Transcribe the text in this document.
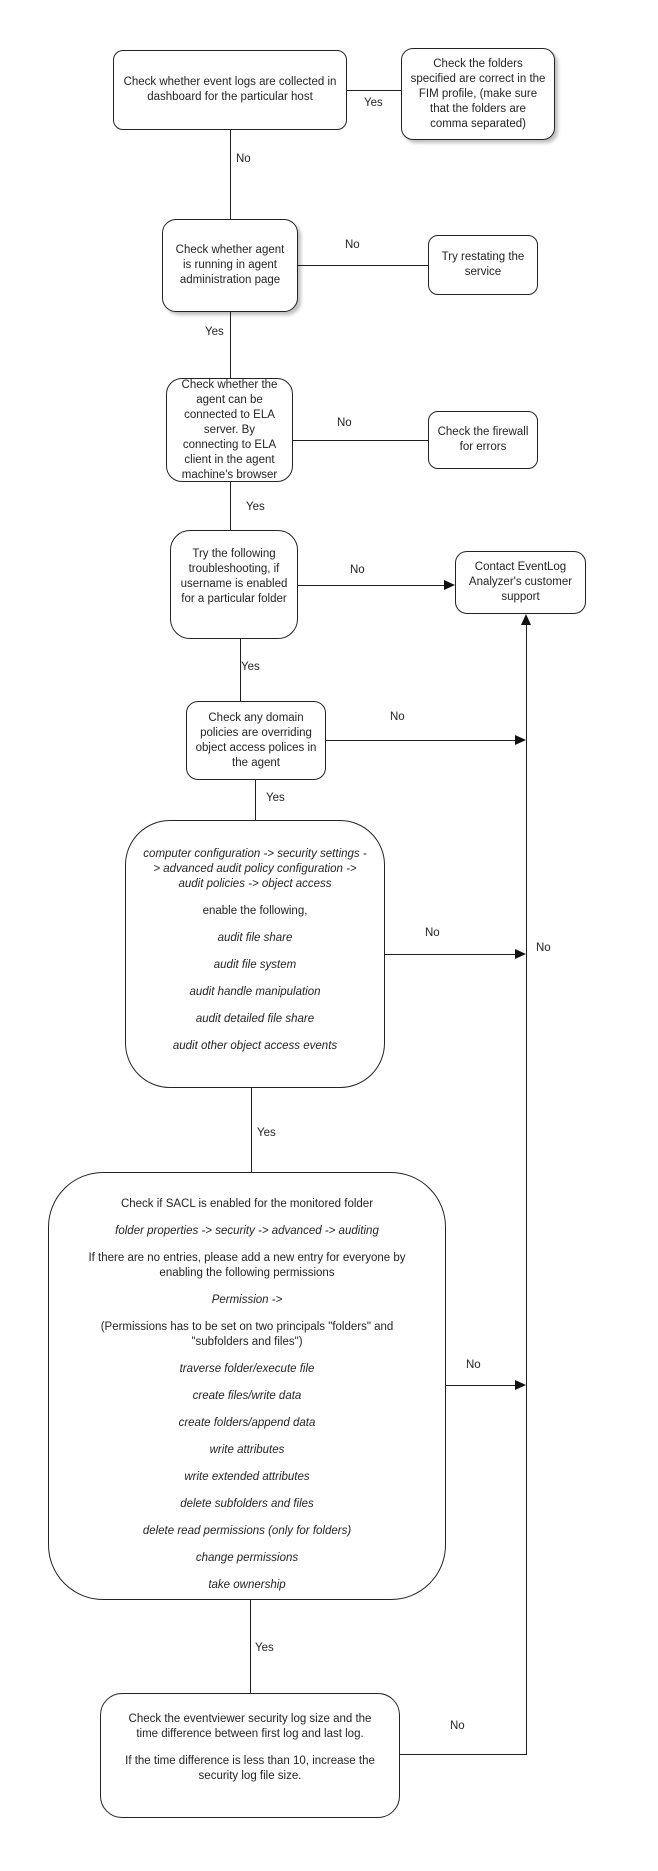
Check whether event logs are collected in dashboard for the particular host

Check the folders specified are correct in the FIM profile, (make sure that the folders are comma separated)

Check whether agent is running in agent administration page

Try restating the service

Check whether the agent can be connected to ELA server. By connecting to ELA client in the agent machine's browser

Check the firewall for errors

Try the following troubleshooting, if username is enabled for a particular folder

Contact EventLog Analyzer's customer support

Check any domain policies are overriding object access polices in the agent

computer configuration -> security settings -> advanced audit policy configuration -> audit policies -> object access

enable the following,

audit file share

audit file system

audit handle manipulation

audit detailed file share

audit other object access events

Check if SACL is enabled for the monitored folder

folder properties -> security -> advanced -> auditing

If there are no entries, please add a new entry for everyone by enabling the following permissions

Permission ->

(Permissions has to be set on two principals "folders" and "subfolders and files")

traverse folder/execute file

create files/write data

create folders/append data

write attributes

write extended attributes

delete subfolders and files

delete read permissions (only for folders)

change permissions

take ownership

Check the eventviewer security log size and the time difference between first log and last log.

If the time difference is less than 10, increase the security log file size.

Yes
No
No
Yes
No
Yes
No
Yes
No
Yes
No
No
Yes
No
Yes
No
